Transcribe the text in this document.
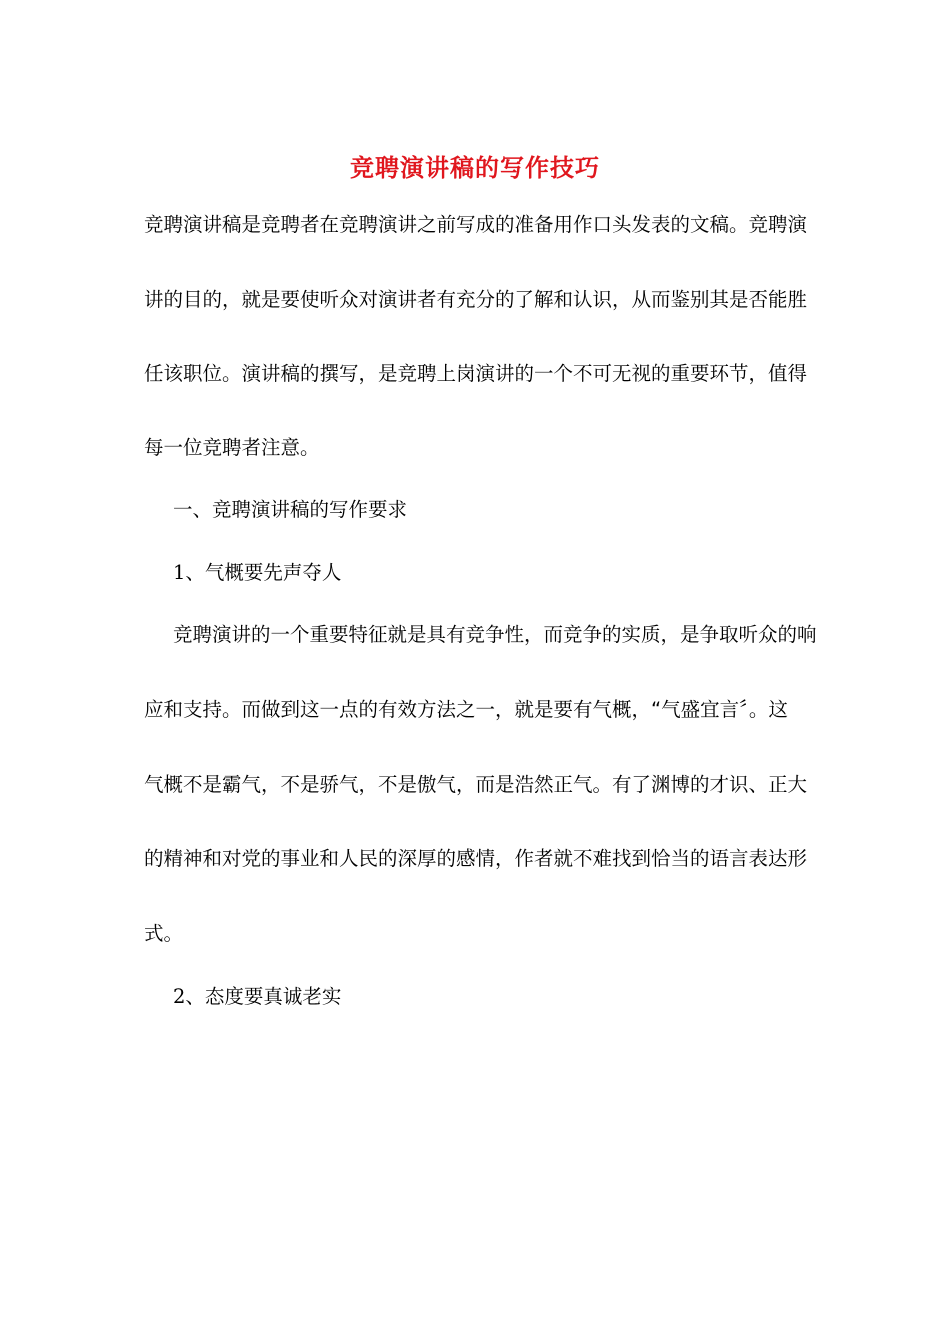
竞聘演讲稿的写作技巧
竞聘演讲稿是竞聘者在竞聘演讲之前写成的准备用作口头发表的文稿。竞聘演
讲的目的，就是要使听众对演讲者有充分的了解和认识，从而鉴别其是否能胜
任该职位。演讲稿的撰写，是竞聘上岗演讲的一个不可无视的重要环节，值得
每一位竞聘者注意。
一、竞聘演讲稿的写作要求
1、气概要先声夺人
竞聘演讲的一个重要特征就是具有竞争性，而竞争的实质，是争取听众的响
应和支持。而做到这一点的有效方法之一，就是要有气概，“气盛宜言〞。这
气概不是霸气，不是骄气，不是傲气，而是浩然正气。有了渊博的才识、正大
的精神和对党的事业和人民的深厚的感情，作者就不难找到恰当的语言表达形
式。
2、态度要真诚老实
